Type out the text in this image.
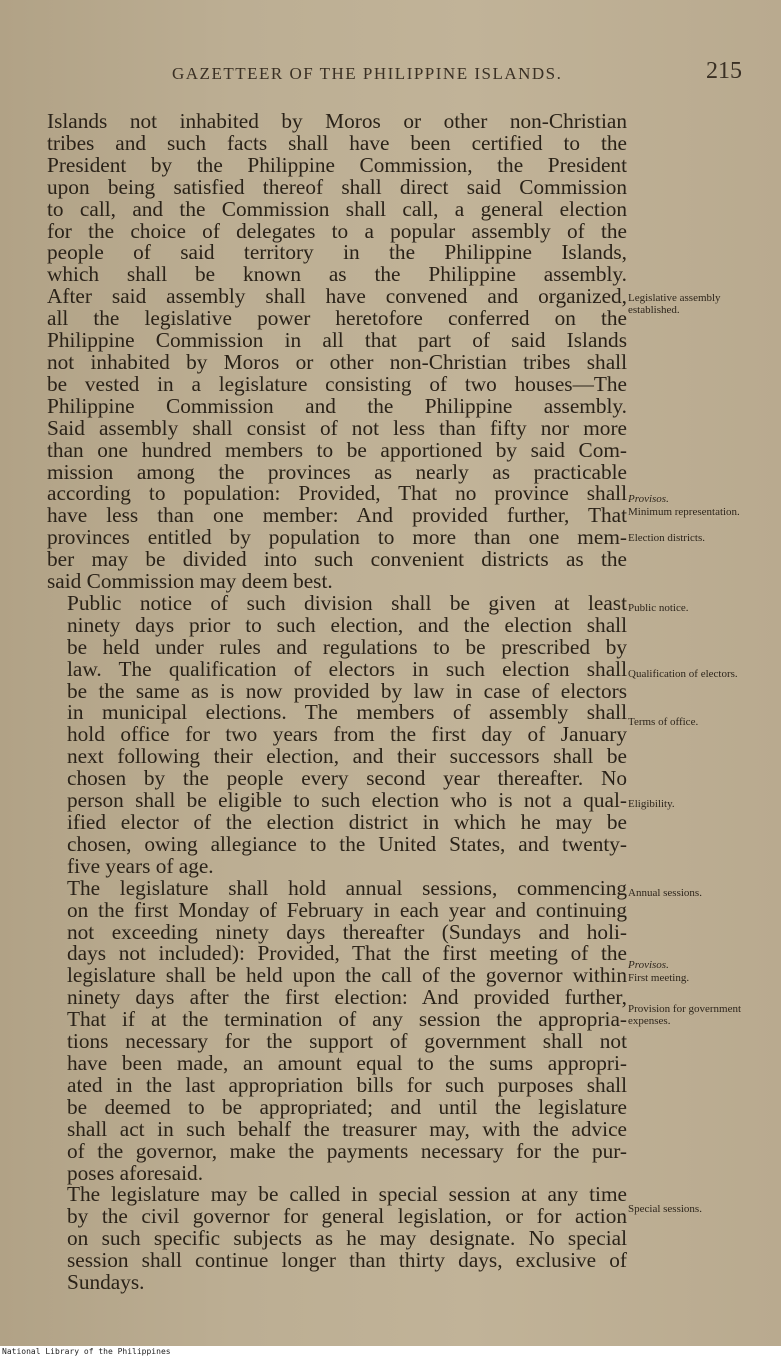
GAZETTEER OF THE PHILIPPINE ISLANDS.	215
Islands not inhabited by Moros or other non-Christian
tribes and such facts shall have been certified to the
President by the Philippine Commission, the President
upon being satisfied thereof shall direct said Commission
to call, and the Commission shall call, a general election
for the choice of delegates to a popular assembly of the
people of said territory in the Philippine Islands,
which shall be known as the Philippine assembly.
After said assembly shall have convened and organized,
all the legislative power heretofore conferred on the
Philippine Commission in all that part of said Islands
not inhabited by Moros or other non-Christian tribes shall
be vested in a legislature consisting of two houses—The
Philippine Commission and the Philippine assembly.
Said assembly shall consist of not less than fifty nor more
than one hundred members to be apportioned by said Com-
mission among the provinces as nearly as practicable
according to population: Provided, That no province shall
have less than one member: And provided further, That
provinces entitled by population to more than one mem-
ber may be divided into such convenient districts as the
said Commission may deem best.
Public notice of such division shall be given at least
ninety days prior to such election, and the election shall
be held under rules and regulations to be prescribed by
law. The qualification of electors in such election shall
be the same as is now provided by law in case of electors
in municipal elections. The members of assembly shall
hold office for two years from the first day of January
next following their election, and their successors shall be
chosen by the people every second year thereafter. No
person shall be eligible to such election who is not a qual-
ified elector of the election district in which he may be
chosen, owing allegiance to the United States, and twenty-
five years of age.
The legislature shall hold annual sessions, commencing
on the first Monday of February in each year and continuing
not exceeding ninety days thereafter (Sundays and holi-
days not included): Provided, That the first meeting of the
legislature shall be held upon the call of the governor within
ninety days after the first election: And provided further,
That if at the termination of any session the appropria-
tions necessary for the support of government shall not
have been made, an amount equal to the sums appropri-
ated in the last appropriation bills for such purposes shall
be deemed to be appropriated; and until the legislature
shall act in such behalf the treasurer may, with the advice
of the governor, make the payments necessary for the pur-
poses aforesaid.
The legislature may be called in special session at any time
by the civil governor for general legislation, or for action
on such specific subjects as he may designate. No special
session shall continue longer than thirty days, exclusive of
Sundays.
Legislative assembly established.
Provisos.
Minimum representation.
Election districts.
Public notice.
Qualification of electors.
Terms of office.
Eligibility.
Annual sessions.
Provisos.
First meeting.
Provision for government expenses.
Special sessions.
National Library of the Philippines
